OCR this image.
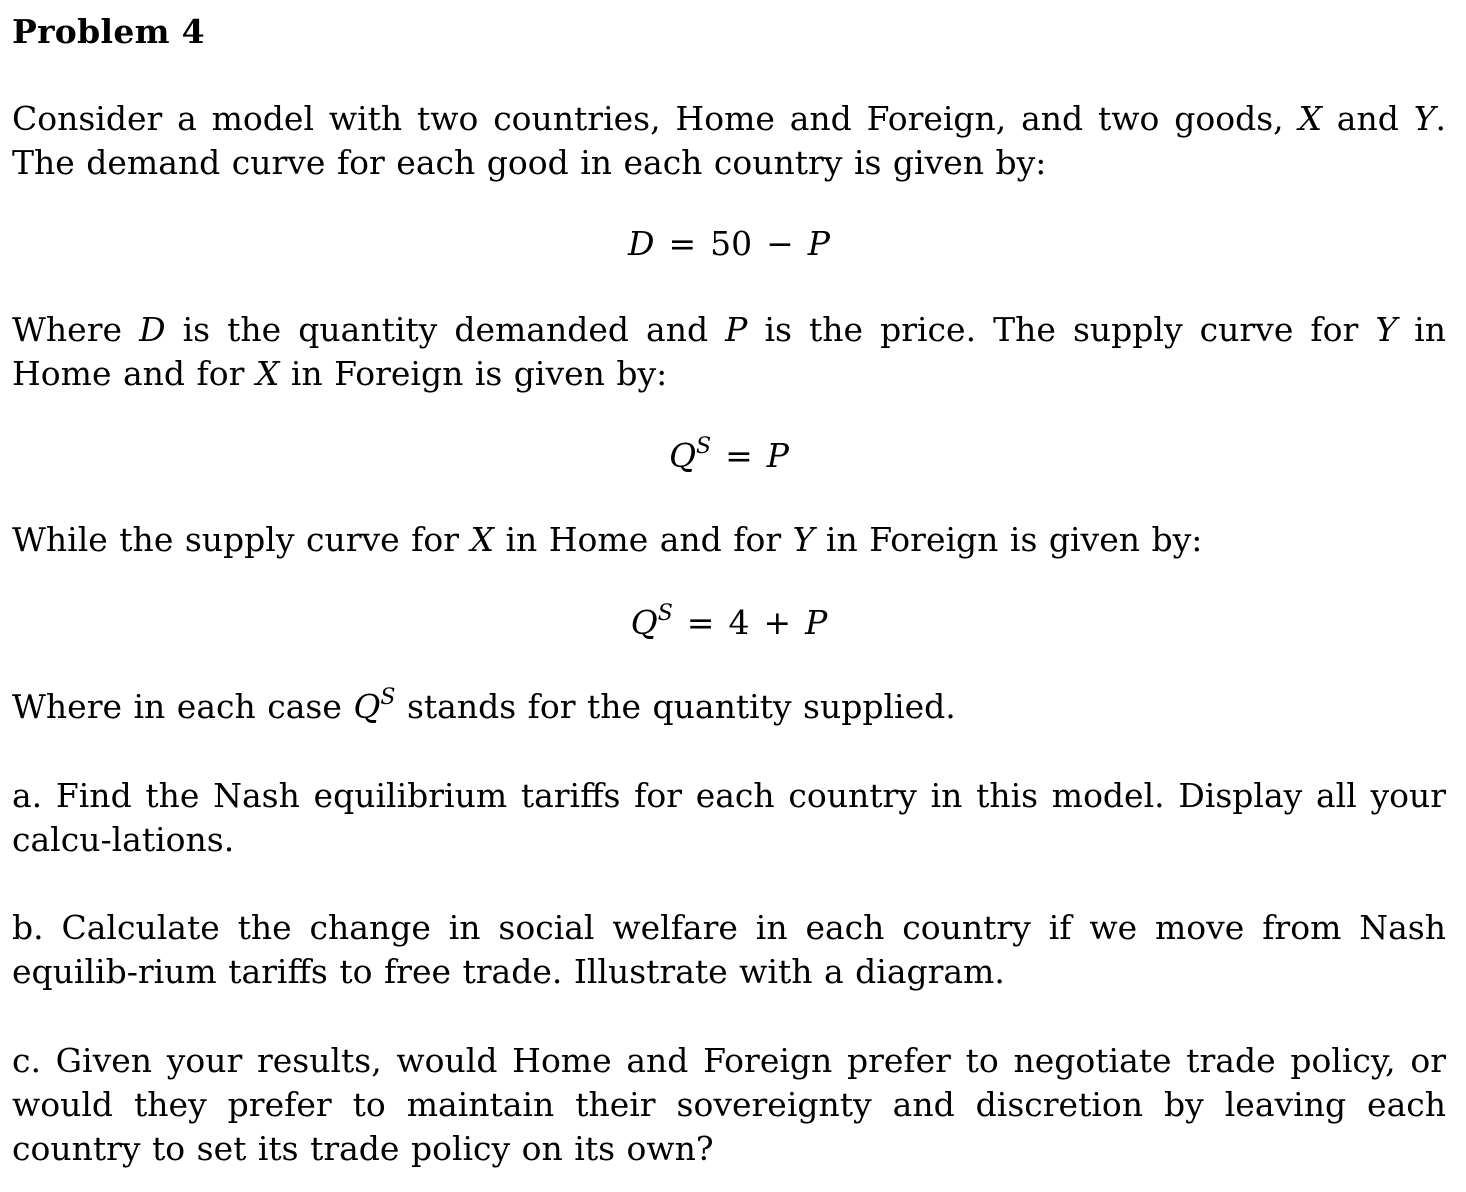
Problem 4
Consider a model with two countries, Home and Foreign, and two goods, X and Y. The demand curve for each good in each country is given by:
D = 50 − P
Where D is the quantity demanded and P is the price. The supply curve for Y in Home and for X in Foreign is given by:
$Q^S = P$
While the supply curve for X in Home and for Y in Foreign is given by:
$Q^S = 4 + P$
Where in each case $Q^S$ stands for the quantity supplied.
a. Find the Nash equilibrium tariffs for each country in this model. Display all your calcu-lations.
b. Calculate the change in social welfare in each country if we move from Nash equilib-rium tariffs to free trade. Illustrate with a diagram.
c. Given your results, would Home and Foreign prefer to negotiate trade policy, or would they prefer to maintain their sovereignty and discretion by leaving each country to set its trade policy on its own?
